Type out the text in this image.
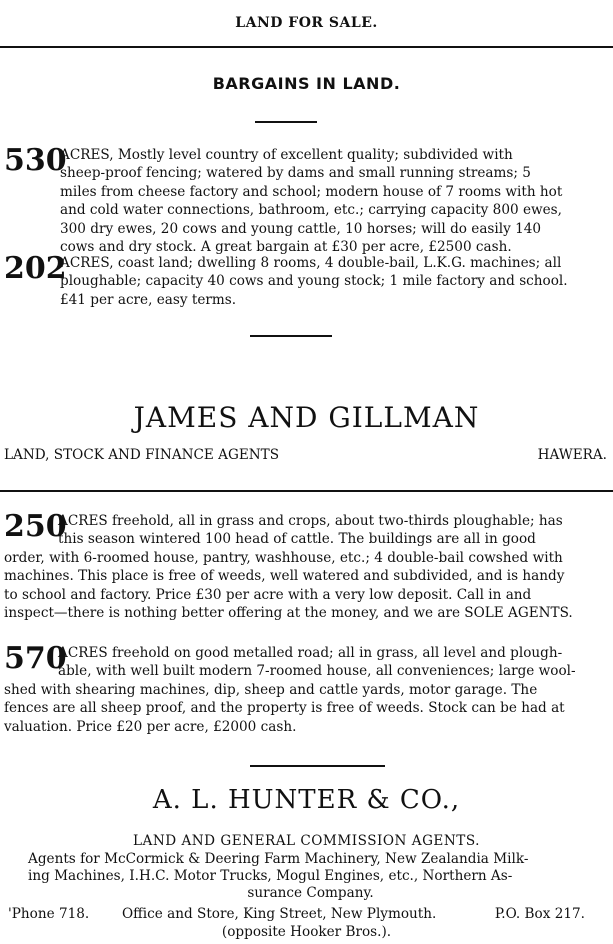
LAND FOR SALE.
BARGAINS IN LAND.
530

ACRES, Mostly level country of excellent quality; subdivided with

sheep-proof fencing; watered by dams and small running streams; 5

miles from cheese factory and school; modern house of 7 rooms with hot

and cold water connections, bathroom, etc.; carrying capacity 800 ewes,

300 dry ewes, 20 cows and young cattle, 10 horses; will do easily 140

cows and dry stock. A great bargain at £30 per acre, £2500 cash.

202

ACRES, coast land; dwelling 8 rooms, 4 double-bail, L.K.G. machines; all

ploughable; capacity 40 cows and young stock; 1 mile factory and school.

£41 per acre, easy terms.

JAMES AND GILLMAN
LAND, STOCK AND FINANCE AGENTS	HAWERA.
250

ACRES freehold, all in grass and crops, about two-thirds ploughable; has

this season wintered 100 head of cattle. The buildings are all in good

order, with 6-roomed house, pantry, washhouse, etc.; 4 double-bail cowshed with

machines. This place is free of weeds, well watered and subdivided, and is handy

to school and factory. Price £30 per acre with a very low deposit. Call in and

inspect—there is nothing better offering at the money, and we are SOLE AGENTS.

570

ACRES freehold on good metalled road; all in grass, all level and plough-

able, with well built modern 7-roomed house, all conveniences; large wool-

shed with shearing machines, dip, sheep and cattle yards, motor garage. The

fences are all sheep proof, and the property is free of weeds. Stock can be had at

valuation. Price £20 per acre, £2000 cash.

A. L. HUNTER & CO.,
LAND AND GENERAL COMMISSION AGENTS.

Agents for McCormick & Deering Farm Machinery, New Zealandia Milk-

ing Machines, I.H.C. Motor Trucks, Mogul Engines, etc., Northern As-

surance Company.

'Phone 718. Office and Store, King Street, New Plymouth.	P.O. Box 217.
(opposite Hooker Bros.).
